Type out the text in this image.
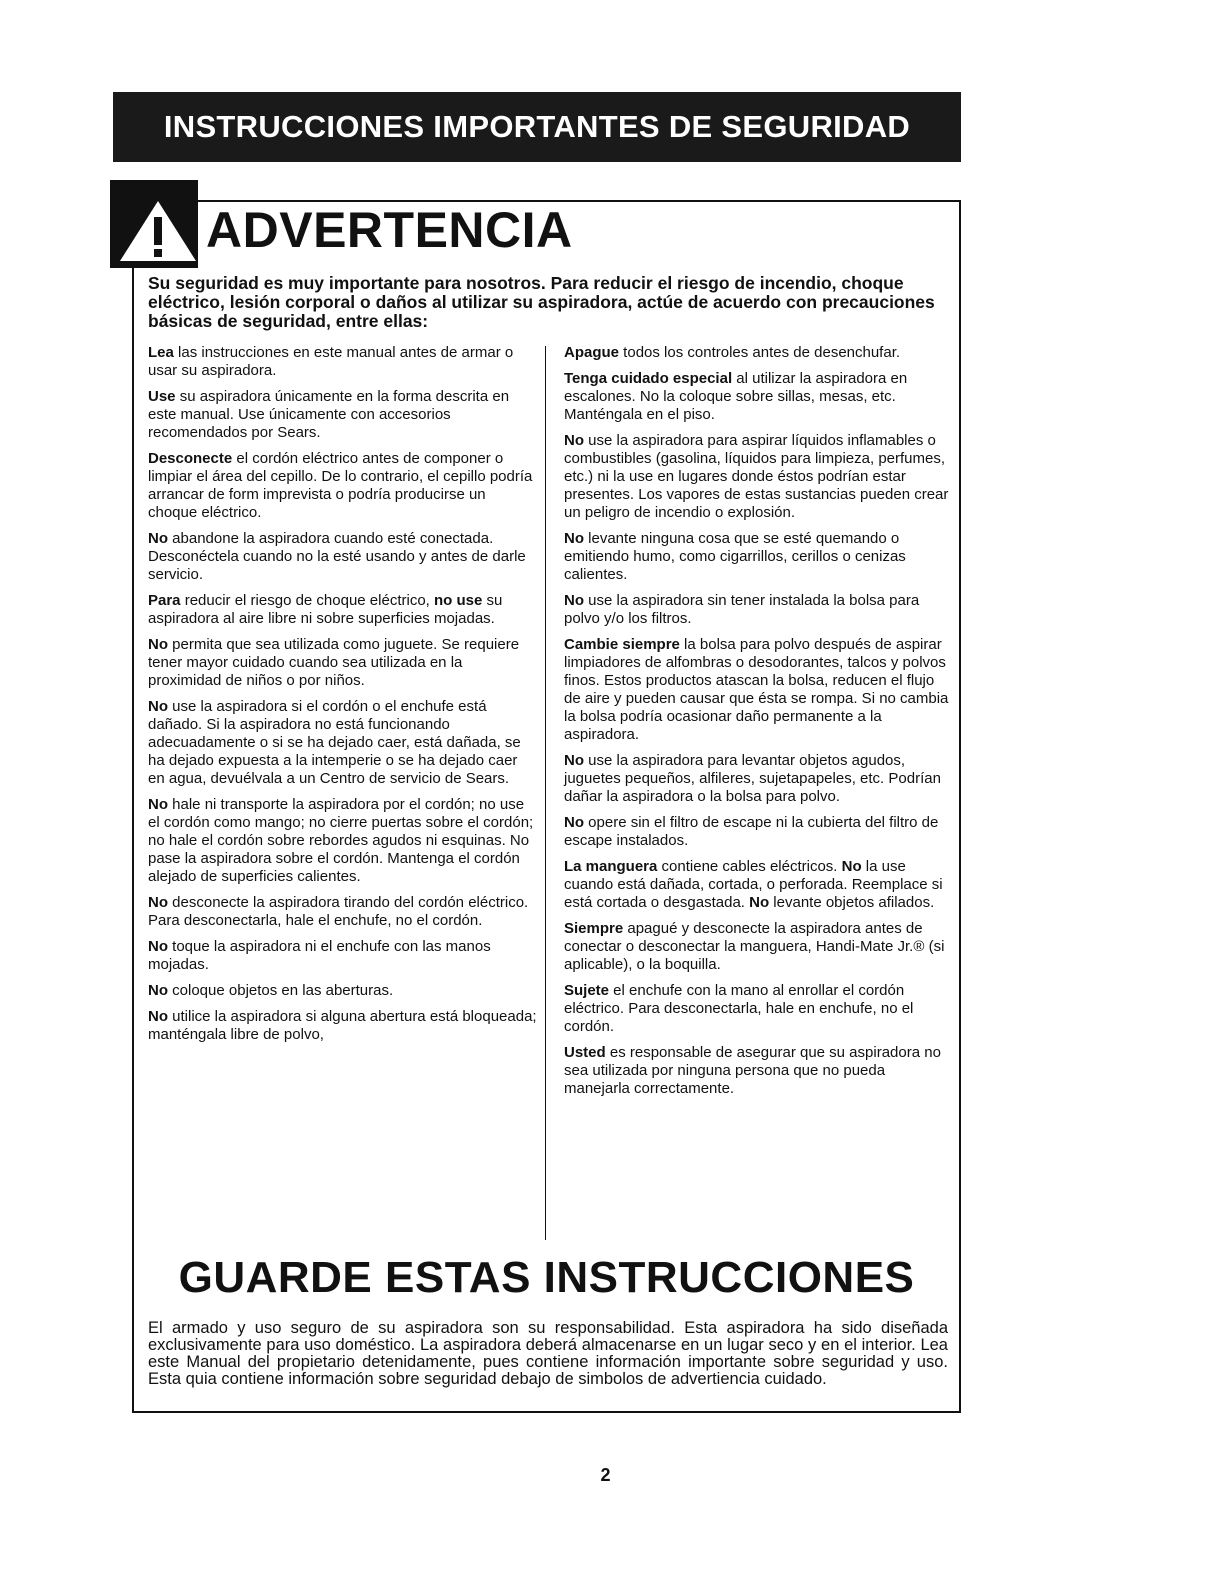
INSTRUCCIONES IMPORTANTES DE SEGURIDAD
ADVERTENCIA

Su seguridad es muy importante para nosotros. Para reducir el riesgo de incendio, choque eléctrico, lesión corporal o daños al utilizar su aspiradora, actúe de acuerdo con precauciones básicas de seguridad, entre ellas:

Lea las instrucciones en este manual antes de armar o usar su aspiradora.

Use su aspiradora únicamente en la forma descrita en este manual. Use únicamente con accesorios recomendados por Sears.

Desconecte el cordón eléctrico antes de componer o limpiar el área del cepillo. De lo contrario, el cepillo podría arrancar de form imprevista o podría producirse un choque eléctrico.

No abandone la aspiradora cuando esté conectada. Desconéctela cuando no la esté usando y antes de darle servicio.

Para reducir el riesgo de choque eléctrico, no use su aspiradora al aire libre ni sobre superficies mojadas.

No permita que sea utilizada como juguete. Se requiere tener mayor cuidado cuando sea utilizada en la proximidad de niños o por niños.

No use la aspiradora si el cordón o el enchufe está dañado. Si la aspiradora no está funcionando adecuadamente o si se ha dejado caer, está dañada, se ha dejado expuesta a la intemperie o se ha dejado caer en agua, devuélvala a un Centro de servicio de Sears.

No hale ni transporte la aspiradora por el cordón; no use el cordón como mango; no cierre puertas sobre el cordón; no hale el cordón sobre rebordes agudos ni esquinas. No pase la aspiradora sobre el cordón. Mantenga el cordón alejado de superficies calientes.

No desconecte la aspiradora tirando del cordón eléctrico. Para desconectarla, hale el enchufe, no el cordón.

No toque la aspiradora ni el enchufe con las manos mojadas.

No coloque objetos en las aberturas.

No utilice la aspiradora si alguna abertura está bloqueada; manténgala libre de polvo,

Apague todos los controles antes de desenchufar.

Tenga cuidado especial al utilizar la aspiradora en escalones. No la coloque sobre sillas, mesas, etc. Manténgala en el piso.

No use la aspiradora para aspirar líquidos inflamables o combustibles (gasolina, líquidos para limpieza, perfumes, etc.) ni la use en lugares donde éstos podrían estar presentes. Los vapores de estas sustancias pueden crear un peligro de incendio o explosión.

No levante ninguna cosa que se esté quemando o emitiendo humo, como cigarrillos, cerillos o cenizas calientes.

No use la aspiradora sin tener instalada la bolsa para polvo y/o los filtros.

Cambie siempre la bolsa para polvo después de aspirar limpiadores de alfombras o desodorantes, talcos y polvos finos. Estos productos atascan la bolsa, reducen el flujo de aire y pueden causar que ésta se rompa. Si no cambia la bolsa podría ocasionar daño permanente a la aspiradora.

No use la aspiradora para levantar objetos agudos, juguetes pequeños, alfileres, sujetapapeles, etc. Podrían dañar la aspiradora o la bolsa para polvo.

No opere sin el filtro de escape ni la cubierta del filtro de escape instalados.

La manguera contiene cables eléctricos. No la use cuando está dañada, cortada, o perforada. Reemplace si está cortada o desgastada. No levante objetos afilados.

Siempre apagué y desconecte la aspiradora antes de conectar o desconectar la manguera, Handi-Mate Jr.® (si aplicable), o la boquilla.

Sujete el enchufe con la mano al enrollar el cordón eléctrico. Para desconectarla, hale en enchufe, no el cordón.

Usted es responsable de asegurar que su aspiradora no sea utilizada por ninguna persona que no pueda manejarla correctamente.

GUARDE ESTAS INSTRUCCIONES

El armado y uso seguro de su aspiradora son su responsabilidad. Esta aspiradora ha sido diseñada exclusivamente para uso doméstico. La aspiradora deberá almacenarse en un lugar seco y en el interior. Lea este Manual del propietario detenidamente, pues contiene información importante sobre seguridad y uso. Esta quia contiene información sobre seguridad debajo de simbolos de advertiencia cuidado.

2
